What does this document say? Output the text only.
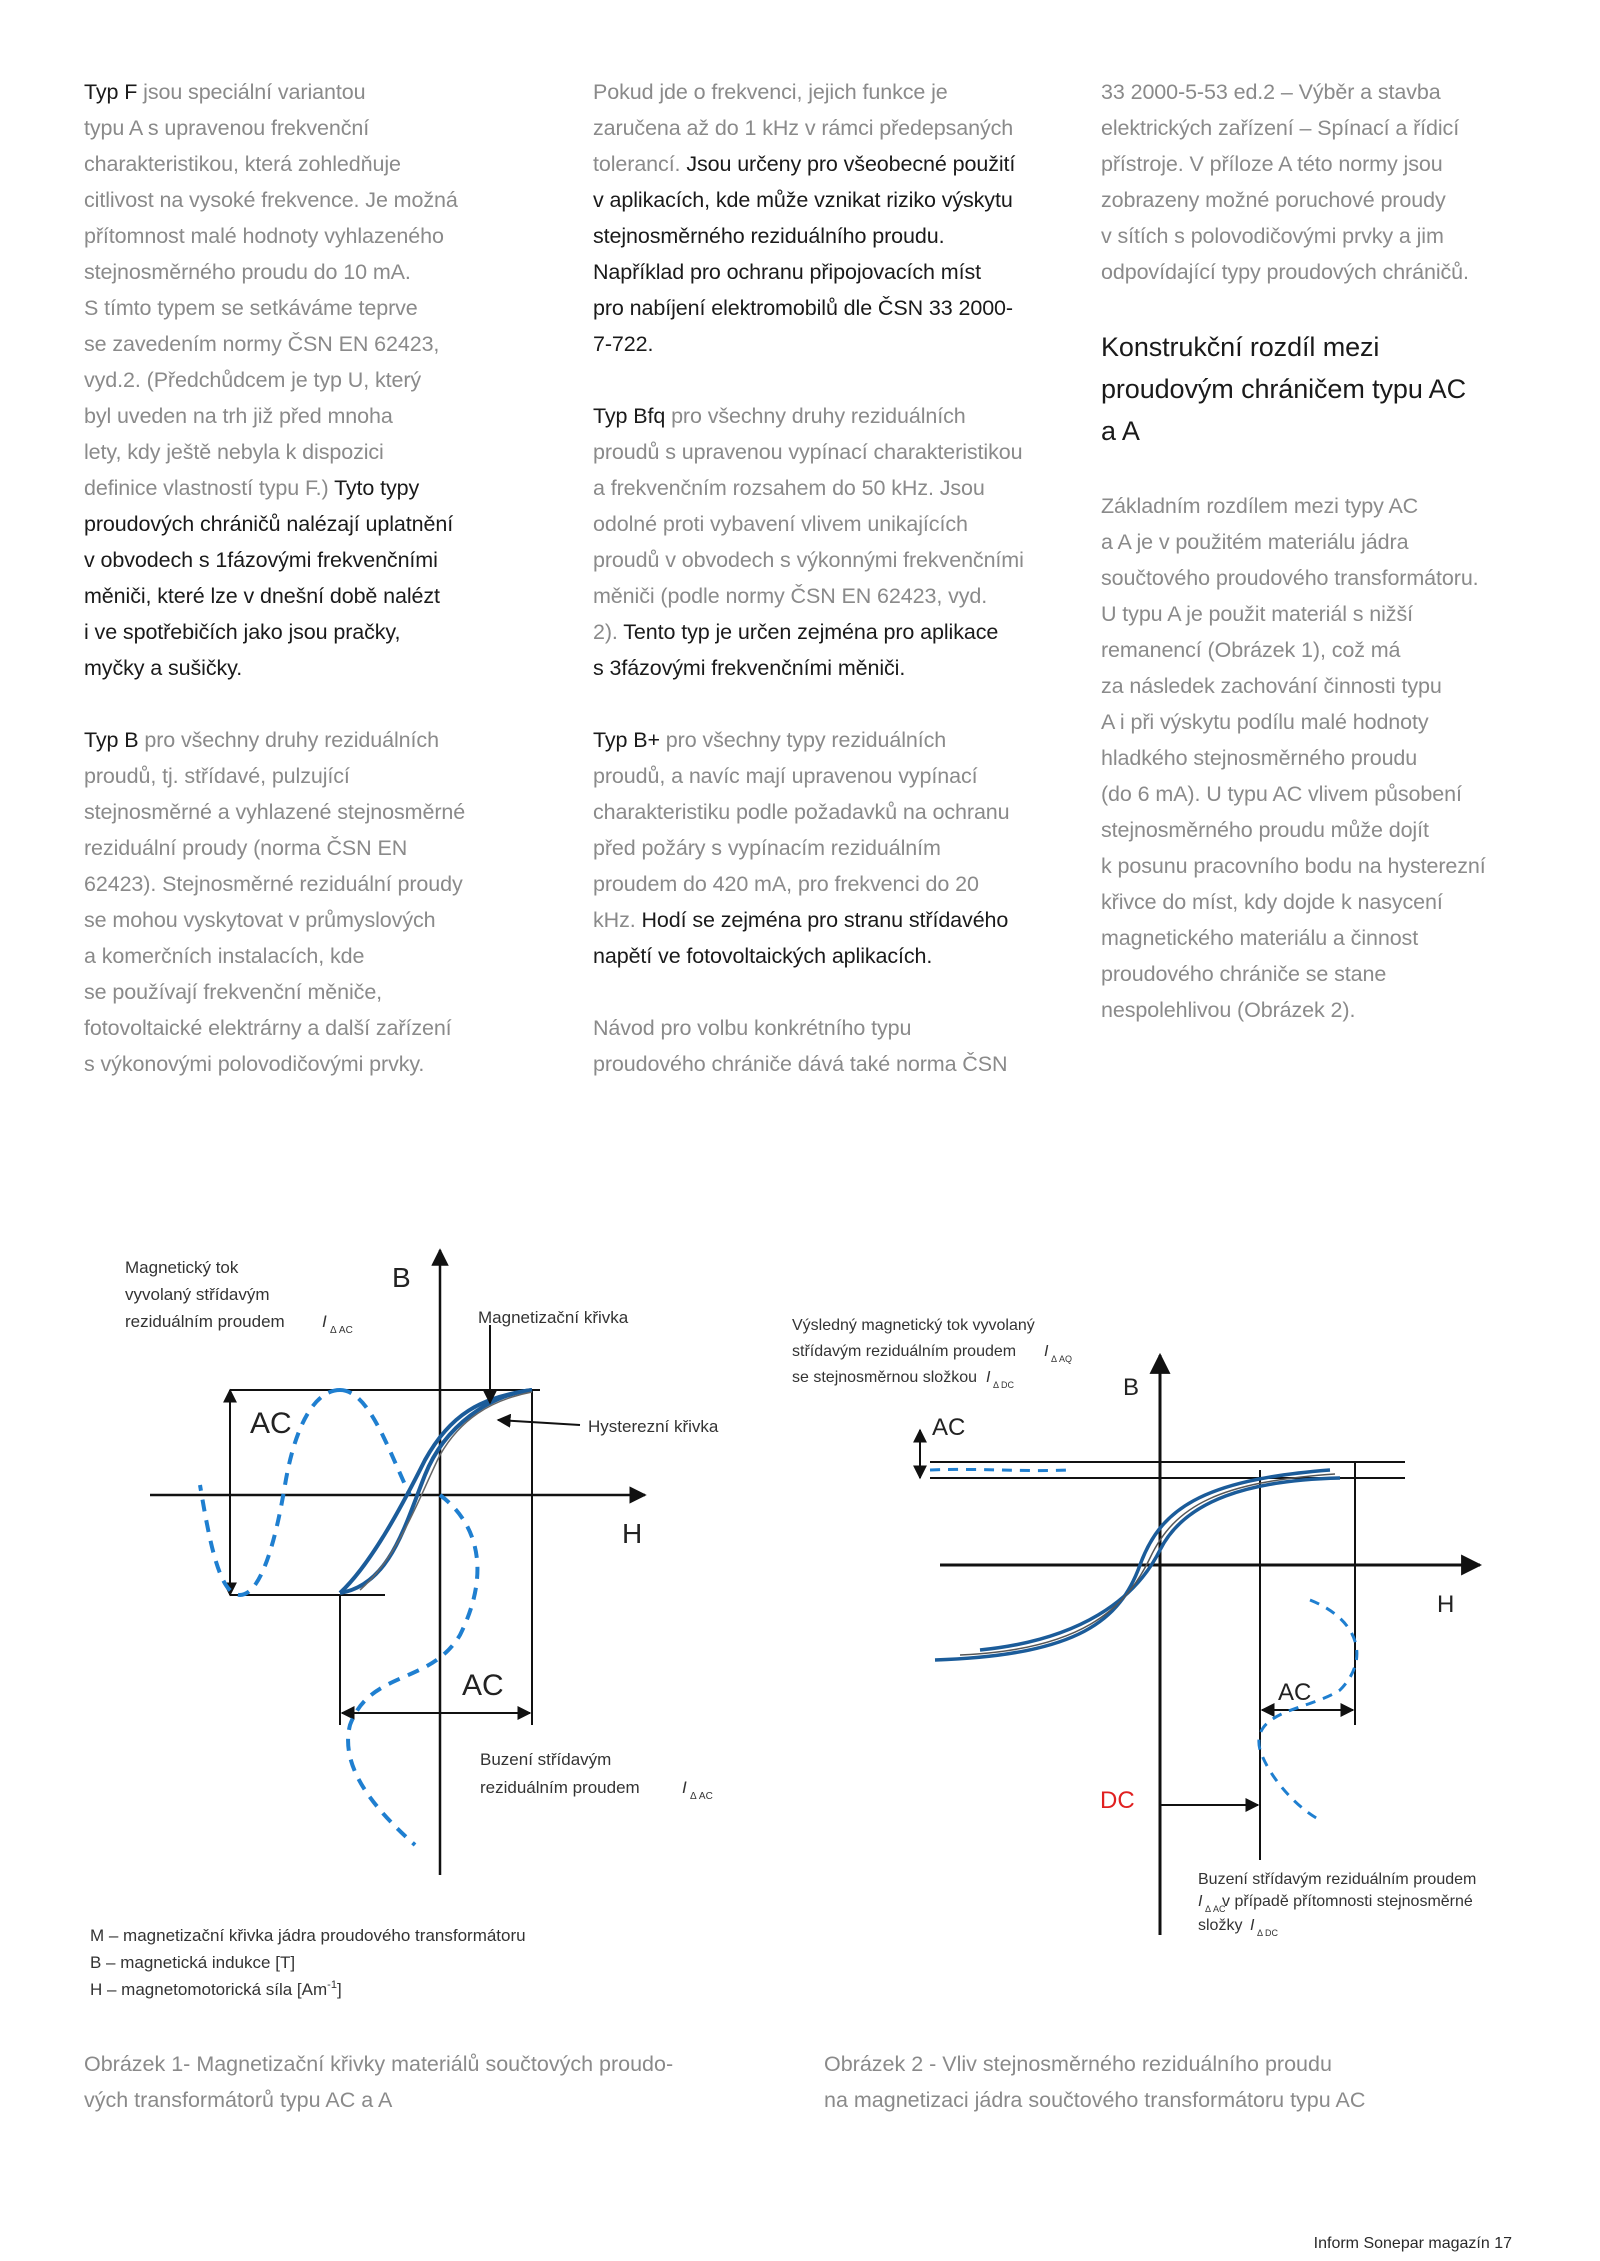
Typ F jsou speciální variantou
typu A s upravenou frekvenční
charakteristikou, která zohledňuje
citlivost na vysoké frekvence. Je možná
přítomnost malé hodnoty vyhlazeného
stejnosměrného proudu do 10 mA.
S tímto typem se setkáváme teprve
se zavedením normy ČSN EN 62423,
vyd.2. (Předchůdcem je typ U, který
byl uveden na trh již před mnoha
lety, kdy ještě nebyla k dispozici
definice vlastností typu F.) Tyto typy
proudových chráničů nalézají uplatnění
v obvodech s 1fázovými frekvenčními
měniči, které lze v dnešní době nalézt
i ve spotřebičích jako jsou pračky,
myčky a sušičky.

Typ B pro všechny druhy reziduálních
proudů, tj. střídavé, pulzující
stejnosměrné a vyhlazené stejnosměrné
reziduální proudy (norma ČSN EN
62423). Stejnosměrné reziduální proudy
se mohou vyskytovat v průmyslových
a komerčních instalacích, kde
se používají frekvenční měniče,
fotovoltaické elektrárny a další zařízení
s výkonovými polovodičovými prvky.

Pokud jde o frekvenci, jejich funkce je
zaručena až do 1 kHz v rámci předepsaných
tolerancí. Jsou určeny pro všeobecné použití
v aplikacích, kde může vznikat riziko výskytu
stejnosměrného reziduálního proudu.
Například pro ochranu připojovacích míst
pro nabíjení elektromobilů dle ČSN 33 2000-
7-722.

Typ Bfq pro všechny druhy reziduálních
proudů s upravenou vypínací charakteristikou
a frekvenčním rozsahem do 50 kHz. Jsou
odolné proti vybavení vlivem unikajících
proudů v obvodech s výkonnými frekvenčními
měniči (podle normy ČSN EN 62423, vyd.
2). Tento typ je určen zejména pro aplikace
s 3fázovými frekvenčními měniči.

Typ B+ pro všechny typy reziduálních
proudů, a navíc mají upravenou vypínací
charakteristiku podle požadavků na ochranu
před požáry s vypínacím reziduálním
proudem do 420 mA, pro frekvenci do 20
kHz. Hodí se zejména pro stranu střídavého
napětí ve fotovoltaických aplikacích.

Návod pro volbu konkrétního typu
proudového chrániče dává také norma ČSN

33 2000-5-53 ed.2 – Výběr a stavba
elektrických zařízení – Spínací a řídicí
přístroje. V příloze A této normy jsou
zobrazeny možné poruchové proudy
v sítích s polovodičovými prvky a jim
odpovídající typy proudových chráničů.

Konstrukční rozdíl mezi
proudovým chráničem typu AC
a A

Základním rozdílem mezi typy AC
a A je v použitém materiálu jádra
součtového proudového transformátoru.
U typu A je použit materiál s nižší
remanencí (Obrázek 1), což má
za následek zachování činnosti typu
A i při výskytu podílu malé hodnoty
hladkého stejnosměrného proudu
(do 6 mA). U typu AC vlivem působení
stejnosměrného proudu může dojít
k posunu pracovního bodu na hysterezní
křivce do míst, kdy dojde k nasycení
magnetického materiálu a činnost
proudového chrániče se stane
nespolehlivou (Obrázek 2).

Magnetický tok
vyvolaný střídavým
reziduálním proudem I Δ AC
B
H
AC
AC
Magnetizační křivka
Hysterezní křivka
Buzení střídavým
reziduálním proudem I Δ AC
M – magnetizační křivka jádra proudového transformátoru
B – magnetická indukce [T]
H – magnetomotorická síla $[Am^{-1}]$
Výsledný magnetický tok vyvolaný
střídavým reziduálním proudem I Δ AQ
se stejnosměrnou složkou I Δ DC	B
H
AC
AC
DC
Buzení střídavým reziduálním proudem
I Δ AC
v případě přítomnosti stejnosměrné
složky I Δ DC
Obrázek 1- Magnetizační křivky materiálů součtových proudo-
vých transformátorů typu AC a A
Obrázek 2 - Vliv stejnosměrného reziduálního proudu
na magnetizaci jádra součtového transformátoru typu AC
Inform Sonepar magazín 17
